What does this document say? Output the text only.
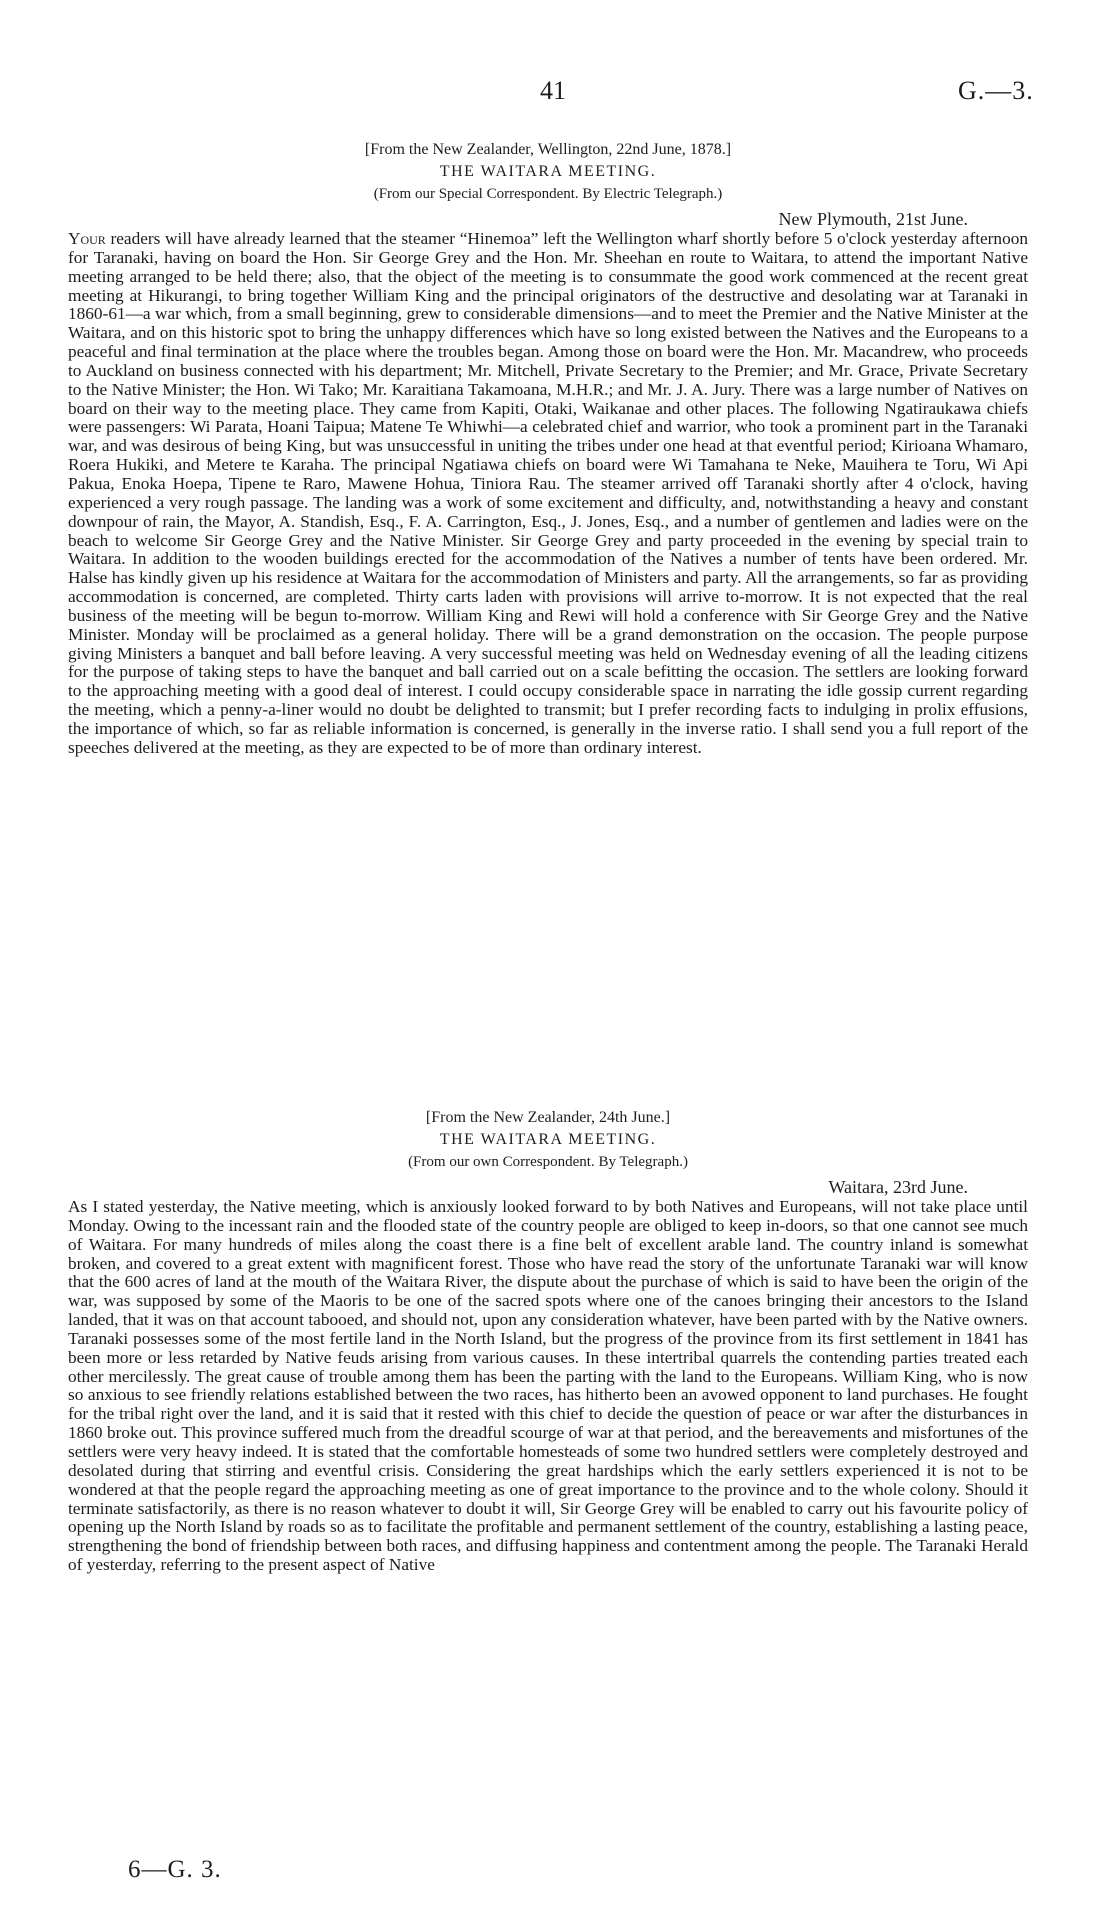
41	G.—3.
[From the New Zealander, Wellington, 22nd June, 1878.]
THE WAITARA MEETING.
(From our Special Correspondent. By Electric Telegraph.)
New Plymouth, 21st June.

Your readers will have already learned that the steamer “Hinemoa” left the Wellington wharf shortly before 5 o'clock yesterday afternoon for Taranaki, having on board the Hon. Sir George Grey and the Hon. Mr. Sheehan en route to Waitara, to attend the important Native meeting arranged to be held there; also, that the object of the meeting is to consummate the good work commenced at the recent great meeting at Hikurangi, to bring together William King and the principal originators of the destructive and desolating war at Taranaki in 1860-61—a war which, from a small beginning, grew to considerable dimensions—and to meet the Premier and the Native Minister at the Waitara, and on this historic spot to bring the unhappy differences which have so long existed between the Natives and the Europeans to a peaceful and final termination at the place where the troubles began. Among those on board were the Hon. Mr. Macandrew, who proceeds to Auckland on business connected with his department; Mr. Mitchell, Private Secretary to the Premier; and Mr. Grace, Private Secretary to the Native Minister; the Hon. Wi Tako; Mr. Karaitiana Takamoana, M.H.R.; and Mr. J. A. Jury. There was a large number of Natives on board on their way to the meeting place. They came from Kapiti, Otaki, Waikanae and other places. The following Ngatiraukawa chiefs were passengers: Wi Parata, Hoani Taipua; Matene Te Whiwhi—a celebrated chief and warrior, who took a prominent part in the Taranaki war, and was desirous of being King, but was unsuccessful in uniting the tribes under one head at that eventful period; Kirioana Whamaro, Roera Hukiki, and Metere te Karaha. The principal Ngatiawa chiefs on board were Wi Tamahana te Neke, Mauihera te Toru, Wi Api Pakua, Enoka Hoepa, Tipene te Raro, Mawene Hohua, Tiniora Rau. The steamer arrived off Taranaki shortly after 4 o'clock, having experienced a very rough passage. The landing was a work of some excitement and difficulty, and, notwithstanding a heavy and constant downpour of rain, the Mayor, A. Standish, Esq., F. A. Carrington, Esq., J. Jones, Esq., and a number of gentlemen and ladies were on the beach to welcome Sir George Grey and the Native Minister. Sir George Grey and party proceeded in the evening by special train to Waitara. In addition to the wooden buildings erected for the accommodation of the Natives a number of tents have been ordered. Mr. Halse has kindly given up his residence at Waitara for the accommodation of Ministers and party. All the arrangements, so far as providing accommodation is concerned, are completed. Thirty carts laden with provisions will arrive to-morrow. It is not expected that the real business of the meeting will be begun to-morrow. William King and Rewi will hold a conference with Sir George Grey and the Native Minister. Monday will be proclaimed as a general holiday. There will be a grand demonstration on the occasion. The people purpose giving Ministers a banquet and ball before leaving. A very successful meeting was held on Wednesday evening of all the leading citizens for the purpose of taking steps to have the banquet and ball carried out on a scale befitting the occasion. The settlers are looking forward to the approaching meeting with a good deal of interest. I could occupy considerable space in narrating the idle gossip current regarding the meeting, which a penny-a-liner would no doubt be delighted to transmit; but I prefer recording facts to indulging in prolix effusions, the importance of which, so far as reliable information is concerned, is generally in the inverse ratio. I shall send you a full report of the speeches delivered at the meeting, as they are expected to be of more than ordinary interest.

[From the New Zealander, 24th June.]
THE WAITARA MEETING.
(From our own Correspondent. By Telegraph.)
Waitara, 23rd June.

As I stated yesterday, the Native meeting, which is anxiously looked forward to by both Natives and Europeans, will not take place until Monday. Owing to the incessant rain and the flooded state of the country people are obliged to keep in-doors, so that one cannot see much of Waitara. For many hundreds of miles along the coast there is a fine belt of excellent arable land. The country inland is somewhat broken, and covered to a great extent with magnificent forest. Those who have read the story of the unfortunate Taranaki war will know that the 600 acres of land at the mouth of the Waitara River, the dispute about the purchase of which is said to have been the origin of the war, was supposed by some of the Maoris to be one of the sacred spots where one of the canoes bringing their ancestors to the Island landed, that it was on that account tabooed, and should not, upon any consideration whatever, have been parted with by the Native owners. Taranaki possesses some of the most fertile land in the North Island, but the progress of the province from its first settlement in 1841 has been more or less retarded by Native feuds arising from various causes. In these intertribal quarrels the contending parties treated each other mercilessly. The great cause of trouble among them has been the parting with the land to the Europeans. William King, who is now so anxious to see friendly relations established between the two races, has hitherto been an avowed opponent to land purchases. He fought for the tribal right over the land, and it is said that it rested with this chief to decide the question of peace or war after the disturbances in 1860 broke out. This province suffered much from the dreadful scourge of war at that period, and the bereavements and misfortunes of the settlers were very heavy indeed. It is stated that the comfortable homesteads of some two hundred settlers were completely destroyed and desolated during that stirring and eventful crisis. Considering the great hardships which the early settlers experienced it is not to be wondered at that the people regard the approaching meeting as one of great importance to the province and to the whole colony. Should it terminate satisfactorily, as there is no reason whatever to doubt it will, Sir George Grey will be enabled to carry out his favourite policy of opening up the North Island by roads so as to facilitate the profitable and permanent settlement of the country, establishing a lasting peace, strengthening the bond of friendship between both races, and diffusing happiness and contentment among the people. The Taranaki Herald of yesterday, referring to the present aspect of Native

6—G. 3.
